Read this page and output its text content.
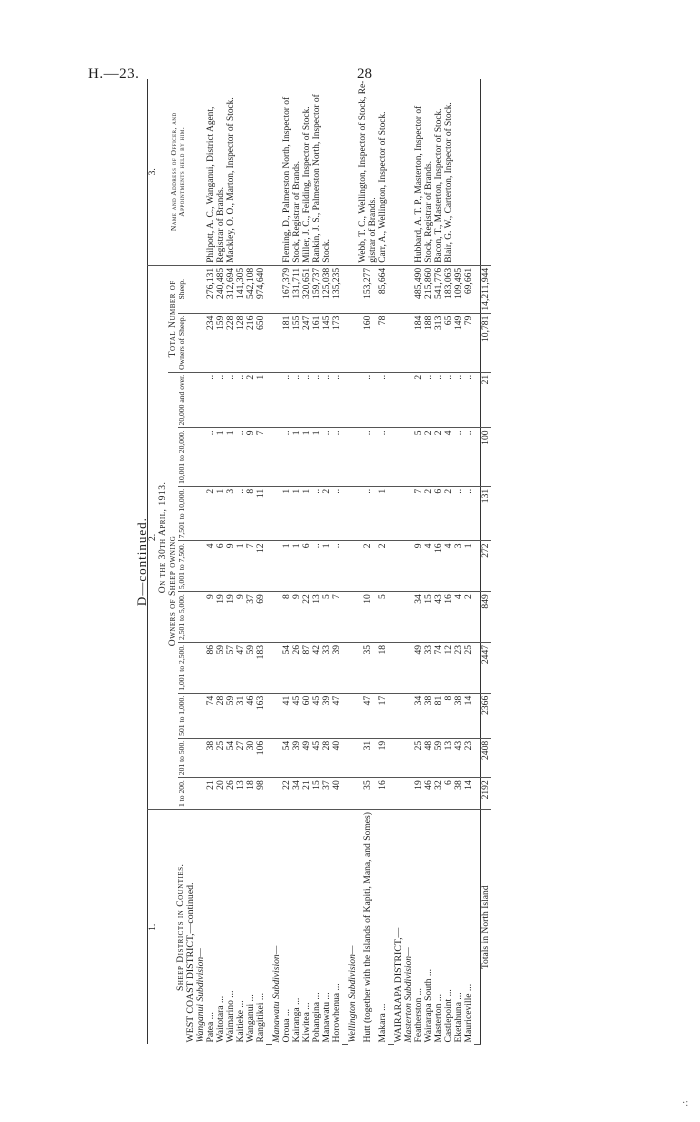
H.—23.	28
D—continued.												
1.	2.											3.
Sheep Districts in Counties.	On the 30th April, 1913.											Name and Address of Officer, and
Appointments held by him.
	Owners of Sheep owning									Total Number of		
	1 to 200.	201 to 500.	501 to 1,000.	1,001 to 2,500.	2,501 to 5,000.	5,001 to 7,500.	7,501 to 10,000.	10,001 to 20,000.	20,000 and over.	Owners of Sheep.	Sheep.	
WEST COAST DISTRICT,—continued.												
Wanganui Subdivision—												
Patea ...	21	38	74	86	9	4	2	..	..	234	276,131	Philpott, A. C., Wanganui, District Agent, Registrar of Brands. Mackley, O. O., Marton, Inspector of Stock.

Waitotara ...	20	25	28	59	19	6	1	1	..	159	240,485	
Waimarino ...	26	54	59	57	19	9	3	1	..	228	312,694	
Kaitieke ...	13	27	31	47	9	1	..	..	..	128	141,305	
Wanganui ...	18	30	46	59	37	7	8	9	2	216	542,108	
Rangitikei ...	98	106	163	183	69	12	11	7	1	650	974,640	

Manawatu Subdivision—												
Oroua ...	22	54	41	54	8	1	1	..	..	181	167,379	Fleming, D., Palmerston North, Inspector of Stock, Registrar of Brands. Miller, J. C., Feilding, Inspector of Stock. Rankin, J. S., Palmerston North, Inspector of Stock.

Kairanga ...	34	39	45	26	9	1	1	1	..	155	131,711	
Kiwitea ...	21	49	60	87	22	6	1	1	..	247	320,651	
Pohangina ...	15	45	45	42	13	..	..	1	..	161	159,737	
Manawatu ...	37	28	39	33	5	1	2	..	..	145	125,038	
Horowhenua ...	40	40	47	39	7	..	..	..	..	173	135,235	

Wellington Subdivision—												
Hutt (together with the Islands of Kapiti, Mana, and Somes)	35	31	47	35	10	2	..	..	..	160	153,277	Webb, T. C., Wellington, Inspector of Stock, Re- gistrar of Brands. Carr, A., Wellington, Inspector of Stock.

Makara ...	16	19	17	18	5	2	1	..	..	78	85,664	

WAIRARAPA DISTRICT,—												
Masterton Subdivision—												
Featherston ...	19	25	34	49	34	9	7	5	2	184	485,490	Hubbard, A. T. P., Masterton, Inspector of Stock, Registrar of Brands. Bacon, T., Masterton, Inspector of Stock. Blair, G. W., Carterton, Inspector of Stock.

Wairarapa South ...	46	48	38	33	15	4	2	2	..	188	215,860	
Masterton ...	32	59	81	74	43	16	6	2	..	313	541,776	
Castlepoint ...	6	13	8	12	16	4	2	4	..	65	183,063	
Eketahuna ...	38	43	38	23	4	3	..	..	..	149	109,495	
Mauriceville ...	14	23	14	25	2	1	..	..	..	79	69,661	

Totals in North Island	2192	2408	2366	2447	849	272	131	100	21	10,781	14,211,944	
·:
